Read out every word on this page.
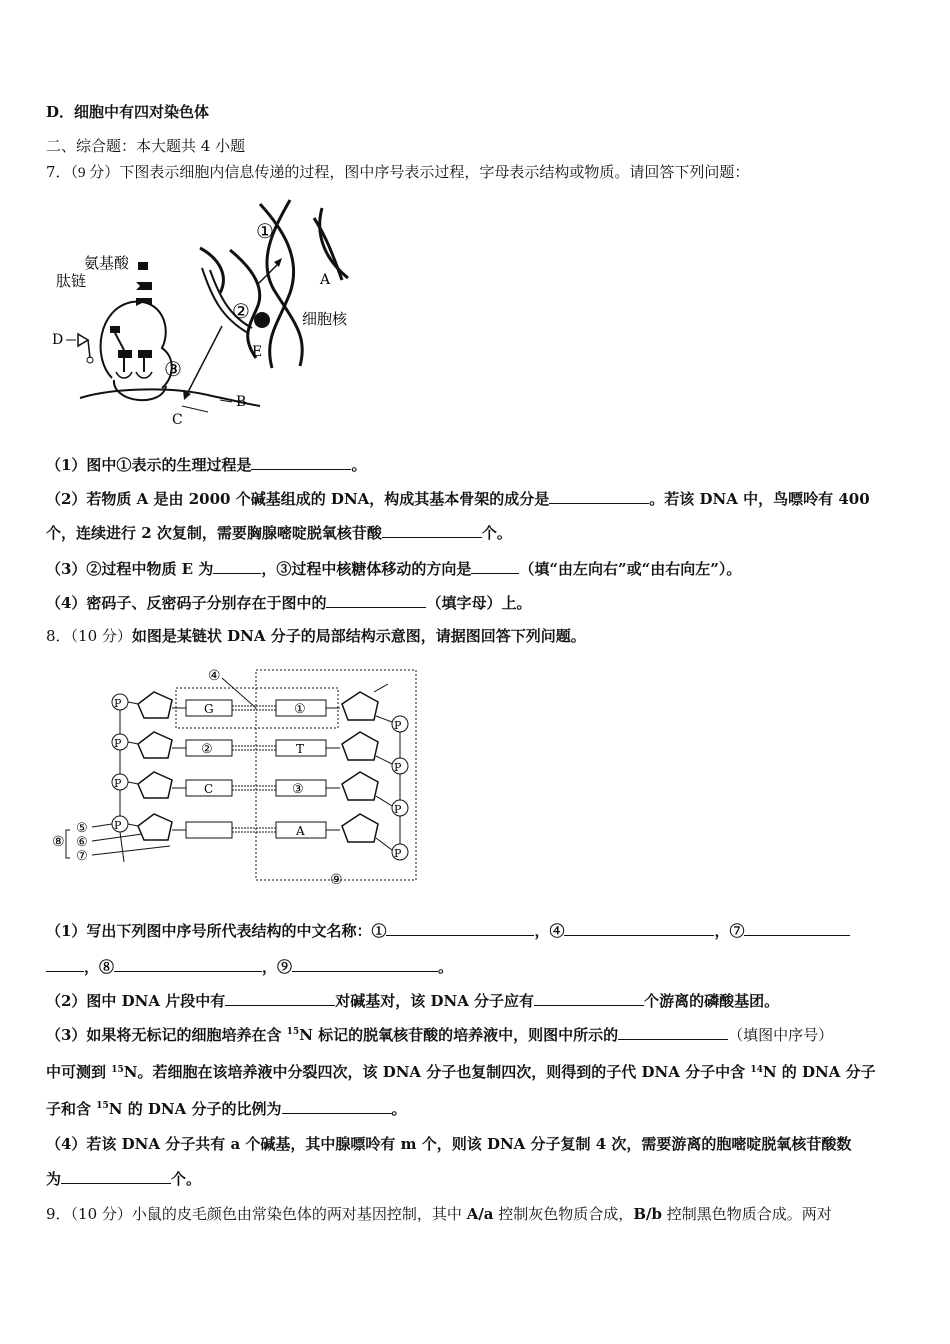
D．细胞中有四对染色体
二、综合题：本大题共 4 小题
7．（9 分）下图表示细胞内信息传递的过程，图中序号表示过程，字母表示结构或物质。请回答下列问题：
①
②
③
A
E
细胞核
B
C
D
氨基酸
肽链
（1）图中①表示的生理过程是	。
（2）若物质 A 是由 2000 个碱基组成的 DNA，构成其基本骨架的成分是	。若该 DNA 中，鸟嘌呤有 400
个，连续进行 2 次复制，需要胸腺嘧啶脱氧核苷酸	个。
（3）②过程中物质 E 为	，③过程中核糖体移动的方向是	（填“由左向右”或“由右向左”）。
（4）密码子、反密码子分别存在于图中的	（填字母）上。
8．（10 分）如图是某链状 DNA 分子的局部结构示意图，请据图回答下列问题。
④
⑨
P	G
P	②
P	C
P
①
P
T
P
③
P
A
P
⑤
⑥
⑦
⑧
（1）写出下列图中序号所代表结构的中文名称：①	，④	，⑦
，⑧	，⑨	。
（2）图中 DNA 片段中有	对碱基对，该 DNA 分子应有	个游离的磷酸基团。
（3）如果将无标记的细胞培养在含 $^{15}$N 标记的脱氧核苷酸的培养液中，则图中所示的	（填图中序号）
中可测到 $^{15}$N。若细胞在该培养液中分裂四次，该 DNA 分子也复制四次，则得到的子代 DNA 分子中含 $^{14}$N 的 DNA 分子
子和含 $^{15}$N 的 DNA 分子的比例为	。
（4）若该 DNA 分子共有 a 个碱基，其中腺嘌呤有 m 个，则该 DNA 分子复制 4 次，需要游离的胞嘧啶脱氧核苷酸数
为	个。
9．（10 分）小鼠的皮毛颜色由常染色体的两对基因控制，其中 A/a 控制灰色物质合成，B/b 控制黑色物质合成。两对
